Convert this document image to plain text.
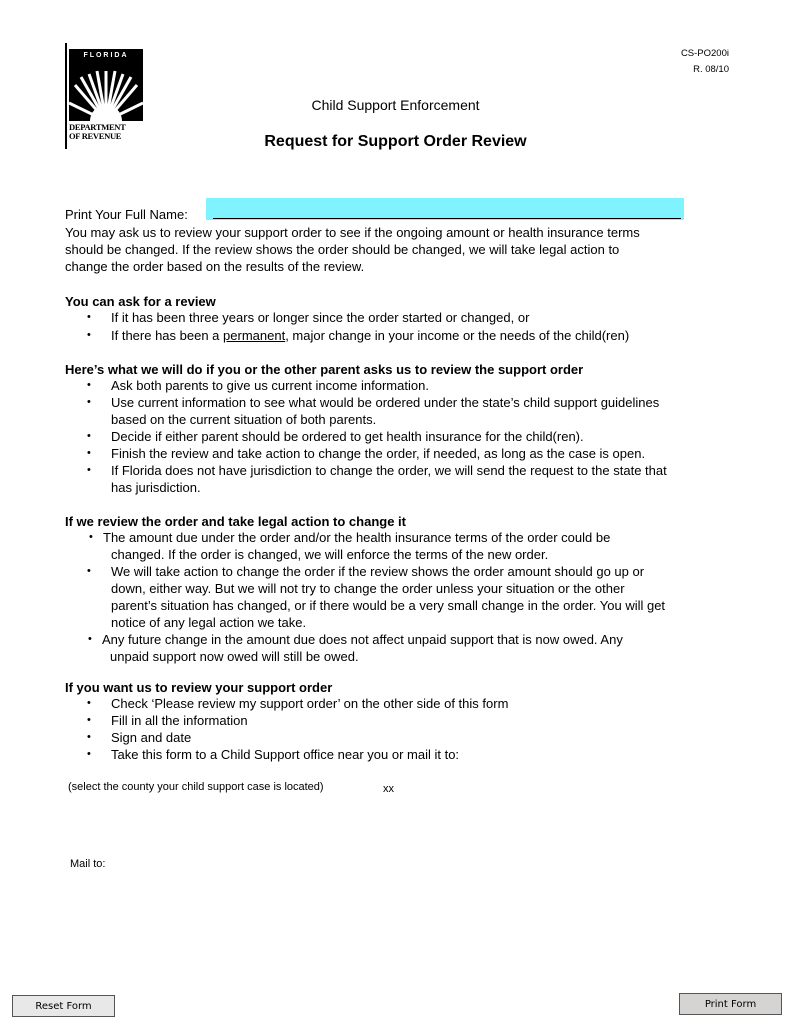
FLORIDA
DEPARTMENT
OF REVENUE
CS-PO200i
R. 08/10
Child Support Enforcement
Request for Support Order Review
Print Your Full Name:
You may ask us to review your support order to see if the ongoing amount or health insurance terms
should be changed. If the review shows the order should be changed, we will take legal action to
change the order based on the results of the review.
You can ask for a review
• If it has been three years or longer since the order started or changed, or
• If there has been a permanent, major change in your income or the needs of the child(ren)
Here’s what we will do if you or the other parent asks us to review the support order
• Ask both parents to give us current income information.
• Use current information to see what would be ordered under the state’s child support guidelines
based on the current situation of both parents.
• Decide if either parent should be ordered to get health insurance for the child(ren).
• Finish the review and take action to change the order, if needed, as long as the case is open.
• If Florida does not have jurisdiction to change the order, we will send the request to the state that
has jurisdiction.
If we review the order and take legal action to change it
• The amount due under the order and/or the health insurance terms of the order could be
changed. If the order is changed, we will enforce the terms of the new order.
• We will take action to change the order if the review shows the order amount should go up or
down, either way. But we will not try to change the order unless your situation or the other
parent’s situation has changed, or if there would be a very small change in the order. You will get
notice of any legal action we take.
• Any future change in the amount due does not affect unpaid support that is now owed. Any
unpaid support now owed will still be owed.
If you want us to review your support order
• Check ‘Please review my support order’ on the other side of this form
• Fill in all the information
• Sign and date
• Take this form to a Child Support office near you or mail it to:
(select the county your child support case is located)	xx
Mail to:
Reset Form	Print Form
